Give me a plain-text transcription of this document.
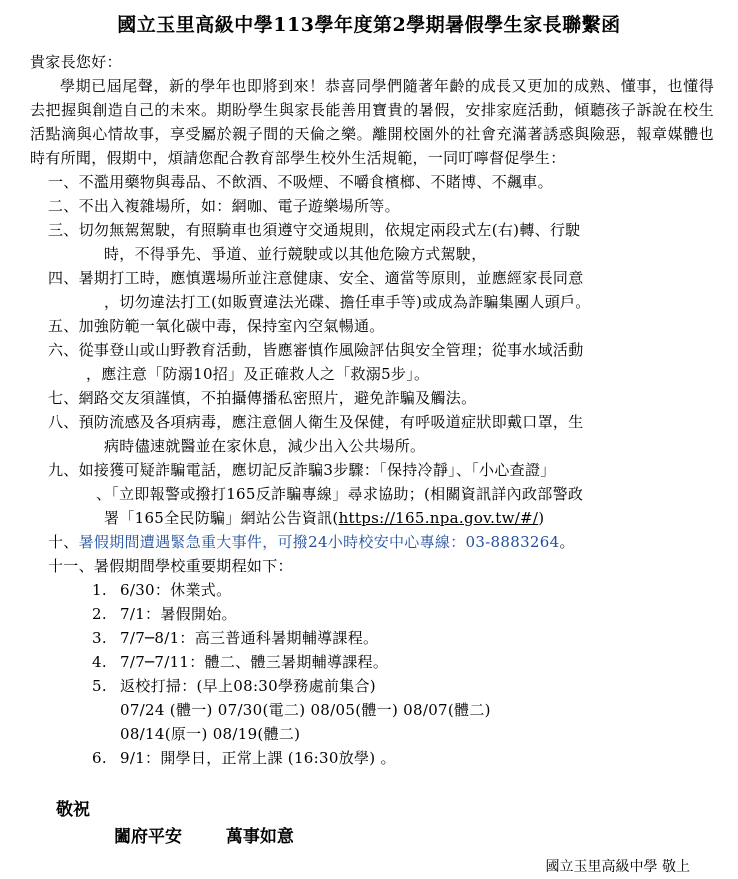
國立玉里高級中學113學年度第2學期暑假學生家長聯繫函

貴家長您好：

學期已屆尾聲，新的學年也即將到來！恭喜同學們隨著年齡的成長又更加的成熟、懂事，也懂得去把握與創造自己的未來。期盼學生與家長能善用寶貴的暑假，安排家庭活動，傾聽孩子訴說在校生活點滴與心情故事，享受屬於親子間的天倫之樂。離開校園外的社會充滿著誘惑與險惡，報章媒體也時有所聞，假期中，煩請您配合教育部學生校外生活規範，一同叮嚀督促學生：

一、不濫用藥物與毒品、不飲酒、不吸煙、不嚼食檳榔、不賭博、不飆車。
二、不出入複雜場所，如：網咖、電子遊樂場所等。
三、切勿無駕駕駛，有照騎車也須遵守交通規則，依規定兩段式左(右)轉、行駛
時，不得爭先、爭道、並行競駛或以其他危險方式駕駛，
四、暑期打工時，應慎選場所並注意健康、安全、適當等原則，並應經家長同意
，切勿違法打工(如販賣違法光碟、擔任車手等)或成為詐騙集團人頭戶。
五、加強防範一氧化碳中毒，保持室內空氣暢通。
六、從事登山或山野教育活動，皆應審慎作風險評估與安全管理；從事水域活動
，應注意「防溺10招」及正確救人之「救溺5步」。
七、網路交友須謹慎，不拍攝傳播私密照片，避免詐騙及觸法。
八、預防流感及各項病毒，應注意個人衛生及保健，有呼吸道症狀即戴口罩，生
病時儘速就醫並在家休息，減少出入公共場所。
九、如接獲可疑詐騙電話，應切記反詐騙3步驟：「保持冷靜」、「小心查證」
、「立即報警或撥打165反詐騙專線」尋求協助；(相關資訊詳內政部警政
署「165全民防騙」網站公告資訊(https://165.npa.gov.tw/#/)
十、暑假期間遭遇緊急重大事件，可撥24小時校安中心專線：03-8883264。
十一、暑假期間學校重要期程如下：
1. 6/30：休業式。
2. 7/1：暑假開始。
3. 7/7─8/1：高三普通科暑期輔導課程。
4. 7/7─7/11：體二、體三暑期輔導課程。
5. 返校打掃：(早上08:30學務處前集合)
07/24 (體一) 07/30(電二) 08/05(體一) 08/07(體二)
08/14(原一) 08/19(體二)
6. 9/1：開學日，正常上課 (16:30放學) 。
敬祝
闔府平安	萬事如意
國立玉里高級中學 敬上
